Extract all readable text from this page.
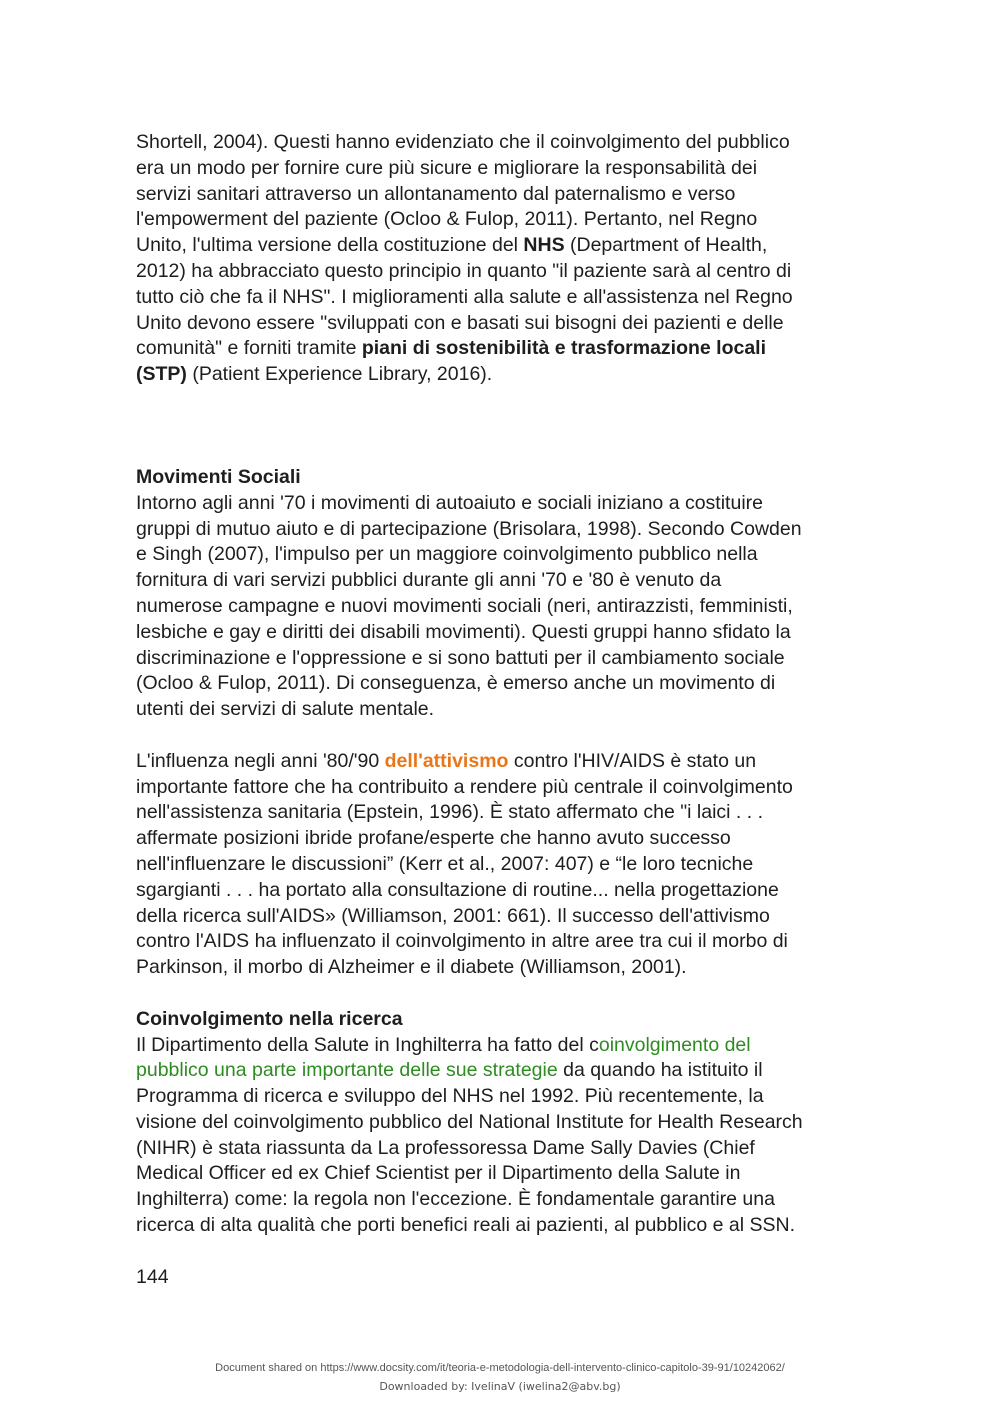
Shortell, 2004). Questi hanno evidenziato che il coinvolgimento del pubblico
era un modo per fornire cure più sicure e migliorare la responsabilità dei
servizi sanitari attraverso un allontanamento dal paternalismo e verso
l'empowerment del paziente (Ocloo & Fulop, 2011). Pertanto, nel Regno
Unito, l'ultima versione della costituzione del NHS (Department of Health,
2012) ha abbracciato questo principio in quanto "il paziente sarà al centro di
tutto ciò che fa il NHS". I miglioramenti alla salute e all'assistenza nel Regno
Unito devono essere "sviluppati con e basati sui bisogni dei pazienti e delle
comunità" e forniti tramite piani di sostenibilità e trasformazione locali
(STP) (Patient Experience Library, 2016).
Movimenti Sociali
Intorno agli anni '70 i movimenti di autoaiuto e sociali iniziano a costituire
gruppi di mutuo aiuto e di partecipazione (Brisolara, 1998). Secondo Cowden
e Singh (2007), l'impulso per un maggiore coinvolgimento pubblico nella
fornitura di vari servizi pubblici durante gli anni '70 e '80 è venuto da
numerose campagne e nuovi movimenti sociali (neri, antirazzisti, femministi,
lesbiche e gay e diritti dei disabili movimenti). Questi gruppi hanno sfidato la
discriminazione e l'oppressione e si sono battuti per il cambiamento sociale
(Ocloo & Fulop, 2011). Di conseguenza, è emerso anche un movimento di
utenti dei servizi di salute mentale.
L'influenza negli anni '80/'90 dell'attivismo contro l'HIV/AIDS è stato un
importante fattore che ha contribuito a rendere più centrale il coinvolgimento
nell'assistenza sanitaria (Epstein, 1996). È stato affermato che "i laici . . .
affermate posizioni ibride profane/esperte che hanno avuto successo
nell'influenzare le discussioni” (Kerr et al., 2007: 407) e “le loro tecniche
sgargianti . . . ha portato alla consultazione di routine... nella progettazione
della ricerca sull'AIDS» (Williamson, 2001: 661). Il successo dell'attivismo
contro l'AIDS ha influenzato il coinvolgimento in altre aree tra cui il morbo di
Parkinson, il morbo di Alzheimer e il diabete (Williamson, 2001).
Coinvolgimento nella ricerca
Il Dipartimento della Salute in Inghilterra ha fatto del coinvolgimento del
pubblico una parte importante delle sue strategie da quando ha istituito il
Programma di ricerca e sviluppo del NHS nel 1992. Più recentemente, la
visione del coinvolgimento pubblico del National Institute for Health Research
(NIHR) è stata riassunta da La professoressa Dame Sally Davies (Chief
Medical Officer ed ex Chief Scientist per il Dipartimento della Salute in
Inghilterra) come: la regola non l'eccezione. È fondamentale garantire una
ricerca di alta qualità che porti benefici reali ai pazienti, al pubblico e al SSN.
144
Document shared on https://www.docsity.com/it/teoria-e-metodologia-dell-intervento-clinico-capitolo-39-91/10242062/
Downloaded by: IvelinaV (iwelina2@abv.bg)
